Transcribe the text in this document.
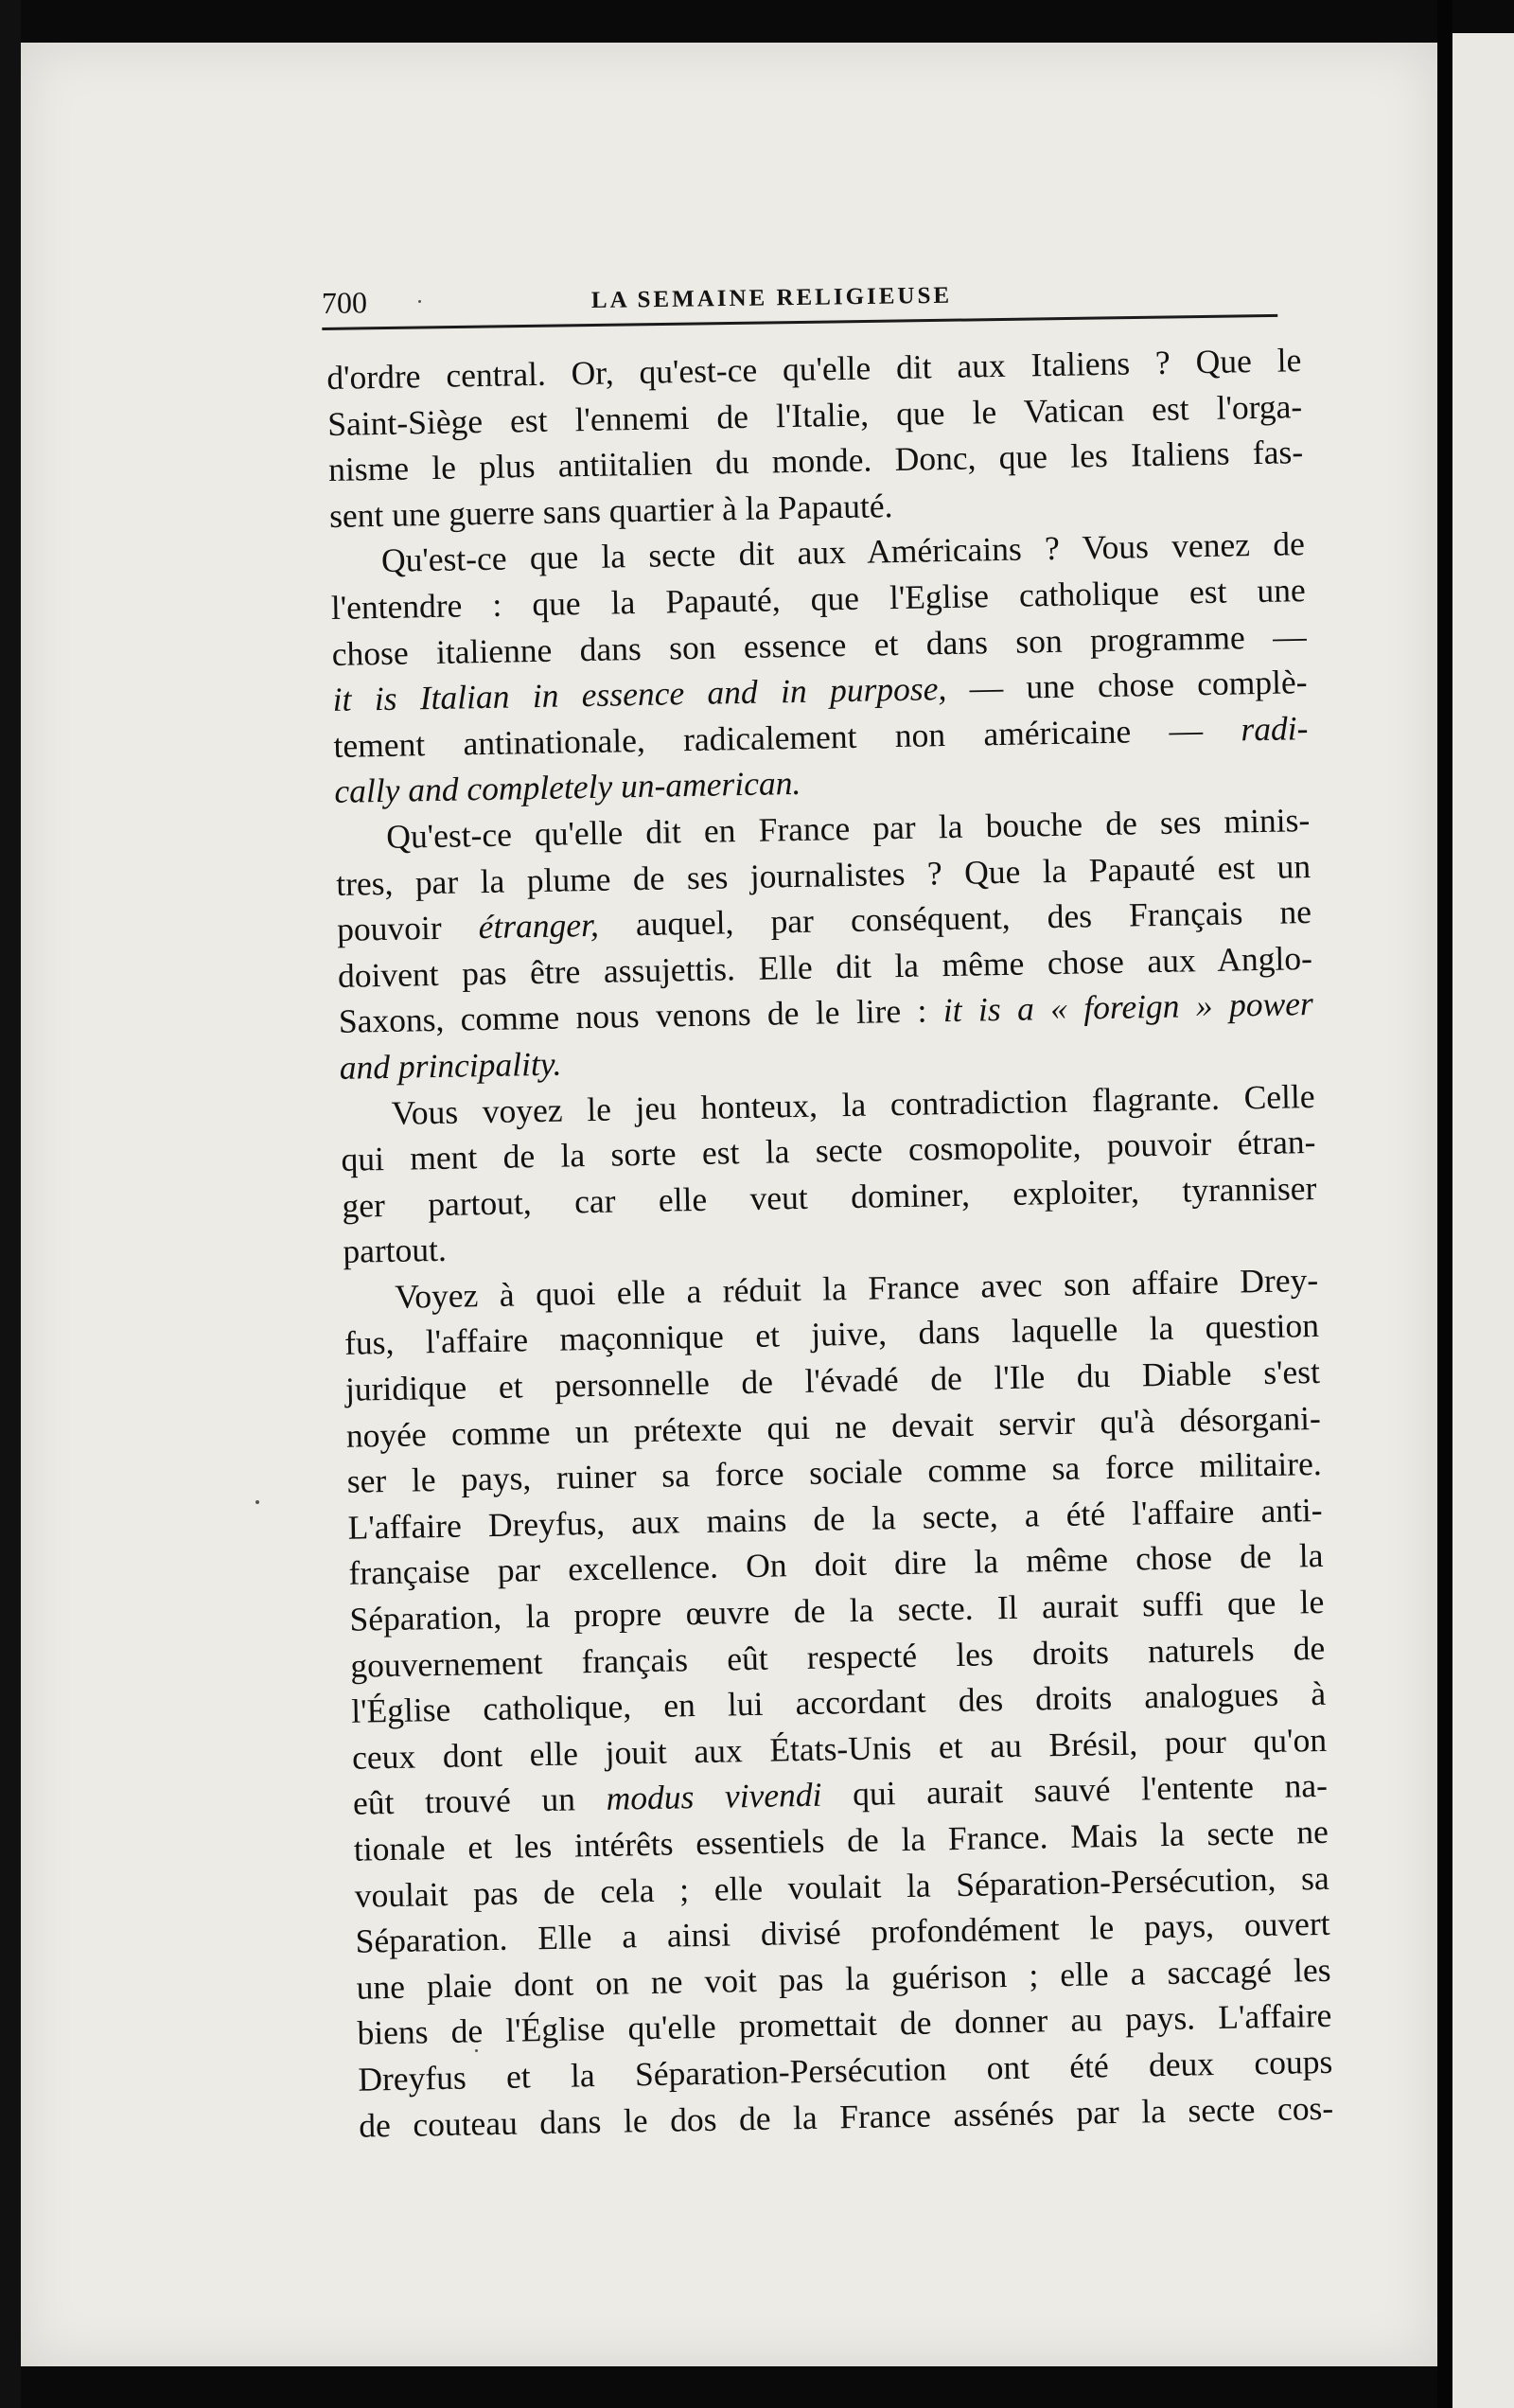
700	LA SEMAINE RELIGIEUSE
d'ordre central. Or, qu'est-ce qu'elle dit aux Italiens ? Que le
Saint-Siège est l'ennemi de l'Italie, que le Vatican est l'orga-
nisme le plus antiitalien du monde. Donc, que les Italiens fas-
sent une guerre sans quartier à la Papauté.
Qu'est-ce que la secte dit aux Américains ? Vous venez de
l'entendre : que la Papauté, que l'Eglise catholique est une
chose italienne dans son essence et dans son programme —
it is Italian in essence and in purpose, — une chose complè-
tement antinationale, radicalement non américaine — radi-
cally and completely un-american.
Qu'est-ce qu'elle dit en France par la bouche de ses minis-
tres, par la plume de ses journalistes ? Que la Papauté est un
pouvoir étranger, auquel, par conséquent, des Français ne
doivent pas être assujettis. Elle dit la même chose aux Anglo-
Saxons, comme nous venons de le lire : it is a « foreign » power
and principality.
Vous voyez le jeu honteux, la contradiction flagrante. Celle
qui ment de la sorte est la secte cosmopolite, pouvoir étran-
ger partout, car elle veut dominer, exploiter, tyranniser
partout.
Voyez à quoi elle a réduit la France avec son affaire Drey-
fus, l'affaire maçonnique et juive, dans laquelle la question
juridique et personnelle de l'évadé de l'Ile du Diable s'est
noyée comme un prétexte qui ne devait servir qu'à désorgani-
ser le pays, ruiner sa force sociale comme sa force militaire.
L'affaire Dreyfus, aux mains de la secte, a été l'affaire anti-
française par excellence. On doit dire la même chose de la
Séparation, la propre œuvre de la secte. Il aurait suffi que le
gouvernement français eût respecté les droits naturels de
l'Église catholique, en lui accordant des droits analogues à
ceux dont elle jouit aux États-Unis et au Brésil, pour qu'on
eût trouvé un modus vivendi qui aurait sauvé l'entente na-
tionale et les intérêts essentiels de la France. Mais la secte ne
voulait pas de cela ; elle voulait la Séparation-Persécution, sa
Séparation. Elle a ainsi divisé profondément le pays, ouvert
une plaie dont on ne voit pas la guérison ; elle a saccagé les
biens de l'Église qu'elle promettait de donner au pays. L'affaire
Dreyfus et la Séparation-Persécution ont été deux coups
de couteau dans le dos de la France assénés par la secte cos-
